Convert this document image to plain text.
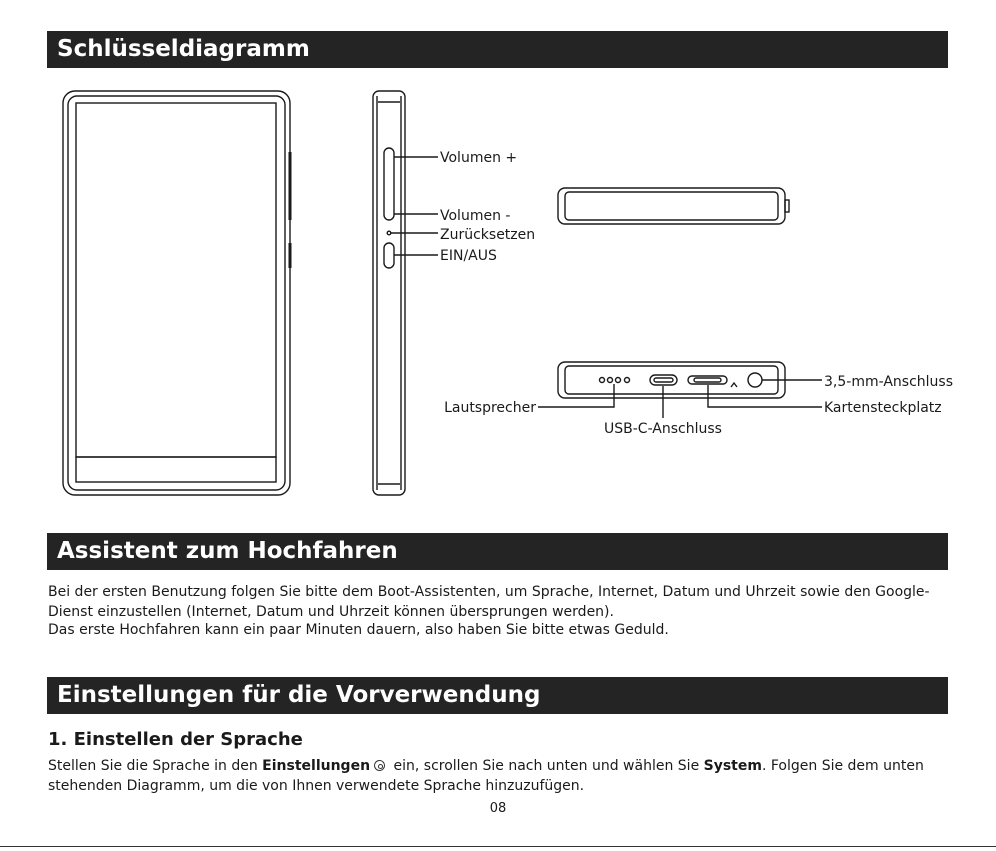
Schlüsseldiagramm
Volumen +
Volumen -
Zurücksetzen
EIN/AUS
3,5-mm-Anschluss
Lautsprecher	Kartensteckplatz
USB-C-Anschluss
Assistent zum Hochfahren

Bei der ersten Benutzung folgen Sie bitte dem Boot-Assistenten, um Sprache, Internet, Datum und Uhrzeit sowie den Google-Dienst einzustellen (Internet, Datum und Uhrzeit können übersprungen werden).

Das erste Hochfahren kann ein paar Minuten dauern, also haben Sie bitte etwas Geduld.

Einstellungen für die Vorverwendung
1. Einstellen der Sprache

Stellen Sie die Sprache in den Einstellungen ein, scrollen Sie nach unten und wählen Sie System. Folgen Sie dem unten stehenden Diagramm, um die von Ihnen verwendete Sprache hinzuzufügen.

08
